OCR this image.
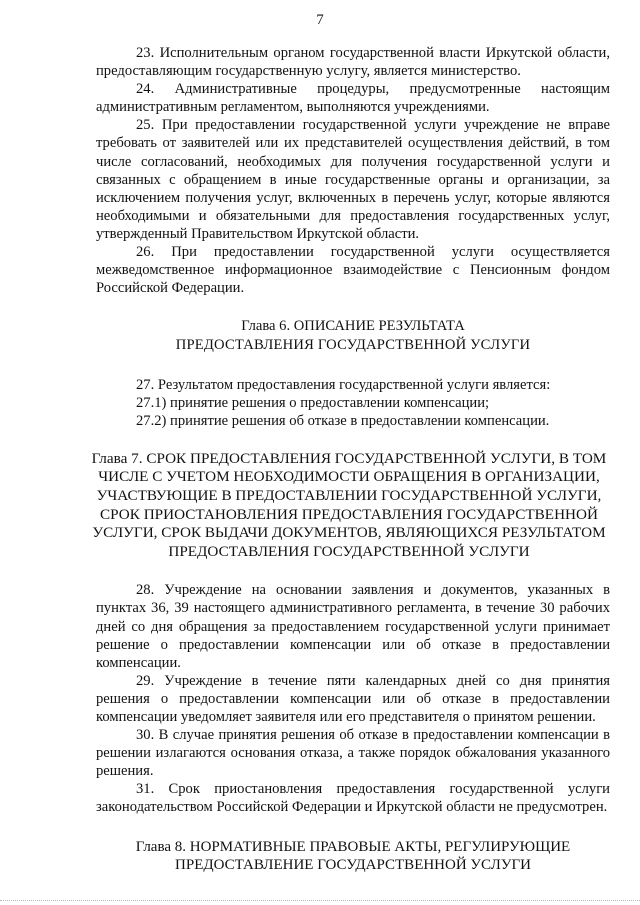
7

23. Исполнительным органом государственной власти Иркутской области, предоставляющим государственную услугу, является министерство.

24. Административные процедуры, предусмотренные настоящим административным регламентом, выполняются учреждениями.

25. При предоставлении государственной услуги учреждение не вправе требовать от заявителей или их представителей осуществления действий, в том числе согласований, необходимых для получения государственной услуги и связанных с обращением в иные государственные органы и организации, за исключением получения услуг, включенных в перечень услуг, которые являются необходимыми и обязательными для предоставления государственных услуг, утвержденный Правительством Иркутской области.

26. При предоставлении государственной услуги осуществляется межведомственное информационное взаимодействие с Пенсионным фондом Российской Федерации.

Глава 6. ОПИСАНИЕ РЕЗУЛЬТАТА
ПРЕДОСТАВЛЕНИЯ ГОСУДАРСТВЕННОЙ УСЛУГИ

27. Результатом предоставления государственной услуги является:

27.1) принятие решения о предоставлении компенсации;

27.2) принятие решения об отказе в предоставлении компенсации.

Глава 7. СРОК ПРЕДОСТАВЛЕНИЯ ГОСУДАРСТВЕННОЙ УСЛУГИ, В ТОМ
ЧИСЛЕ С УЧЕТОМ НЕОБХОДИМОСТИ ОБРАЩЕНИЯ В ОРГАНИЗАЦИИ,
УЧАСТВУЮЩИЕ В ПРЕДОСТАВЛЕНИИ ГОСУДАРСТВЕННОЙ УСЛУГИ,
СРОК ПРИОСТАНОВЛЕНИЯ ПРЕДОСТАВЛЕНИЯ ГОСУДАРСТВЕННОЙ
УСЛУГИ, СРОК ВЫДАЧИ ДОКУМЕНТОВ, ЯВЛЯЮЩИХСЯ РЕЗУЛЬТАТОМ
ПРЕДОСТАВЛЕНИЯ ГОСУДАРСТВЕННОЙ УСЛУГИ

28. Учреждение на основании заявления и документов, указанных в пунктах 36, 39 настоящего административного регламента, в течение 30 рабочих дней со дня обращения за предоставлением государственной услуги принимает решение о предоставлении компенсации или об отказе в предоставлении компенсации.

29. Учреждение в течение пяти календарных дней со дня принятия решения о предоставлении компенсации или об отказе в предоставлении компенсации уведомляет заявителя или его представителя о принятом решении.

30. В случае принятия решения об отказе в предоставлении компенсации в решении излагаются основания отказа, а также порядок обжалования указанного решения.

31. Срок приостановления предоставления государственной услуги законодательством Российской Федерации и Иркутской области не предусмотрен.

Глава 8. НОРМАТИВНЫЕ ПРАВОВЫЕ АКТЫ, РЕГУЛИРУЮЩИЕ
ПРЕДОСТАВЛЕНИЕ ГОСУДАРСТВЕННОЙ УСЛУГИ
